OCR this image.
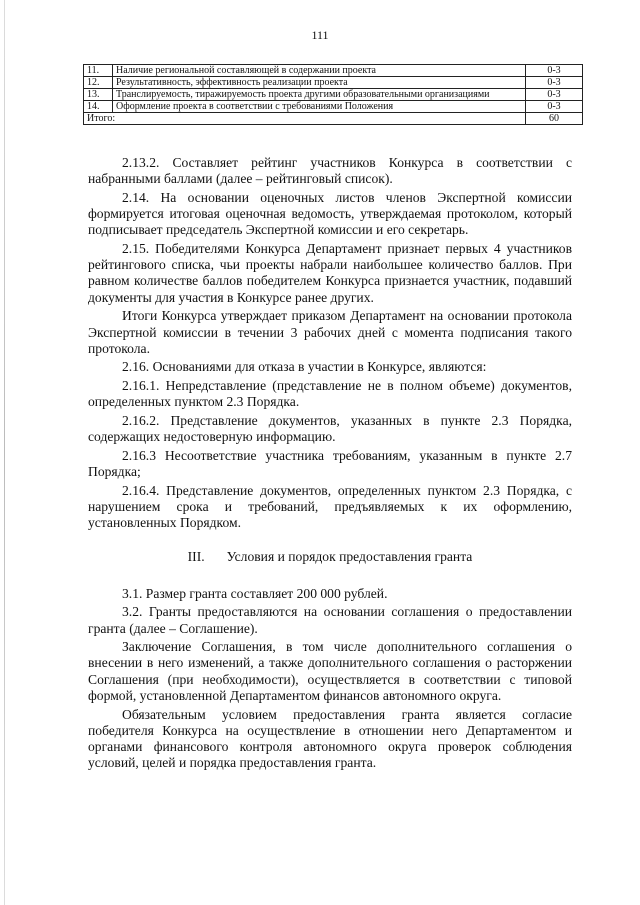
111
11.	Наличие региональной составляющей в содержании проекта	0-3
12.	Результативность, эффективность реализации проекта	0-3
13.	Транслируемость, тиражируемость проекта другими образовательными организациями	0-3
14.	Оформление проекта в соответствии с требованиями Положения	0-3
Итого:		60

2.13.2. Составляет рейтинг участников Конкурса в соответствии с набранными баллами (далее – рейтинговый список).

2.14. На основании оценочных листов членов Экспертной комиссии формируется итоговая оценочная ведомость, утверждаемая протоколом, который подписывает председатель Экспертной комиссии и его секретарь.

2.15. Победителями Конкурса Департамент признает первых 4 участников рейтингового списка, чьи проекты набрали наибольшее количество баллов. При равном количестве баллов победителем Конкурса признается участник, подавший документы для участия в Конкурсе ранее других.

Итоги Конкурса утверждает приказом Департамент на основании протокола Экспертной комиссии в течении 3 рабочих дней с момента подписания такого протокола.

2.16. Основаниями для отказа в участии в Конкурсе, являются:

2.16.1. Непредставление (представление не в полном объеме) документов, определенных пунктом 2.3 Порядка.

2.16.2. Представление документов, указанных в пункте 2.3 Порядка, содержащих недостоверную информацию.

2.16.3 Несоответствие участника требованиям, указанным в пункте 2.7 Порядка;

2.16.4. Представление документов, определенных пунктом 2.3 Порядка, с нарушением срока и требований, предъявляемых к их оформлению, установленных Порядком.

III. Условия и порядок предоставления гранта

3.1. Размер гранта составляет 200 000 рублей.

3.2. Гранты предоставляются на основании соглашения о предоставлении гранта (далее – Соглашение).

Заключение Соглашения, в том числе дополнительного соглашения о внесении в него изменений, а также дополнительного соглашения о расторжении Соглашения (при необходимости), осуществляется в соответствии с типовой формой, установленной Департаментом финансов автономного округа.

Обязательным условием предоставления гранта является согласие победителя Конкурса на осуществление в отношении него Департаментом и органами финансового контроля автономного округа проверок соблюдения условий, целей и порядка предоставления гранта.
